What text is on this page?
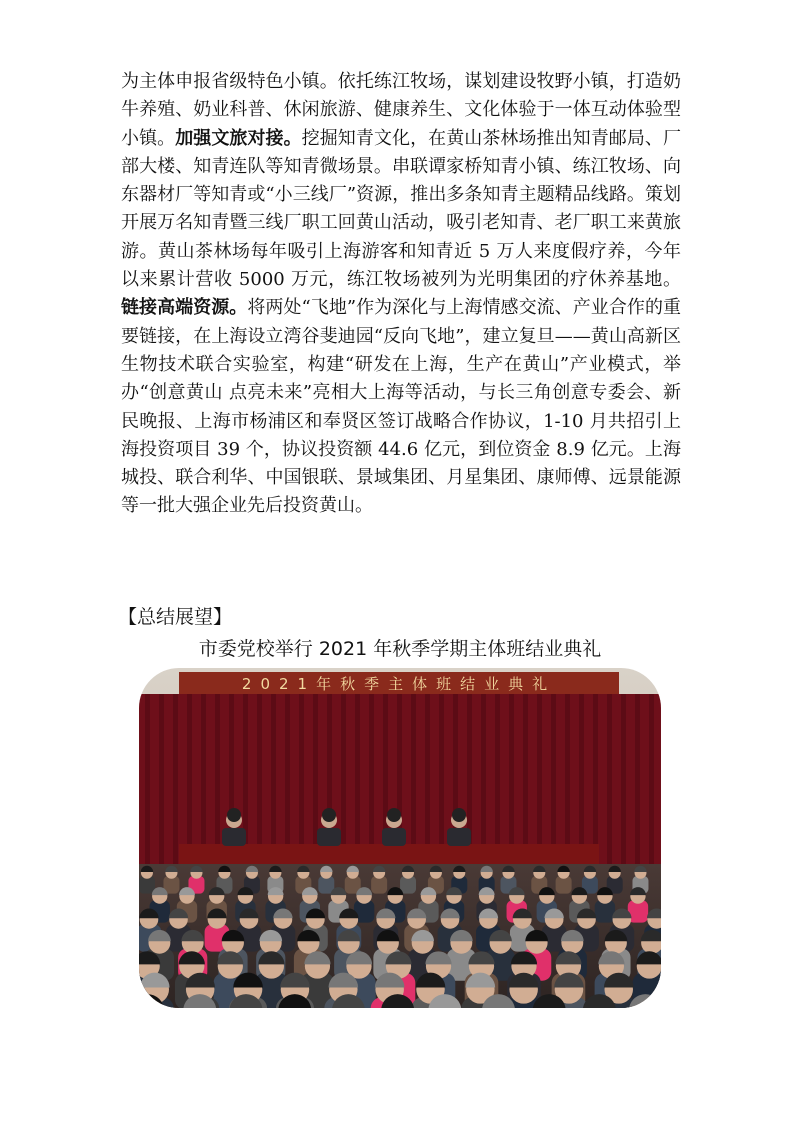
为主体申报省级特色小镇。依托练江牧场，谋划建设牧野小镇，打造奶牛养殖、奶业科普、休闲旅游、健康养生、文化体验于一体互动体验型小镇。加强文旅对接。挖掘知青文化，在黄山茶林场推出知青邮局、厂部大楼、知青连队等知青微场景。串联谭家桥知青小镇、练江牧场、向东器材厂等知青或“小三线厂”资源，推出多条知青主题精品线路。策划开展万名知青暨三线厂职工回黄山活动，吸引老知青、老厂职工来黄旅游。黄山茶林场每年吸引上海游客和知青近 5 万人来度假疗养，今年以来累计营收 5000 万元，练江牧场被列为光明集团的疗休养基地。链接高端资源。将两处“飞地”作为深化与上海情感交流、产业合作的重要链接，在上海设立湾谷斐迪园“反向飞地”，建立复旦——黄山高新区生物技术联合实验室，构建“研发在上海，生产在黄山”产业模式，举办“创意黄山 点亮未来”亮相大上海等活动，与长三角创意专委会、新民晚报、上海市杨浦区和奉贤区签订战略合作协议，1-10 月共招引上海投资项目 39 个，协议投资额 44.6 亿元，到位资金 8.9 亿元。上海城投、联合利华、中国银联、景域集团、月星集团、康师傅、远景能源等一批大强企业先后投资黄山。

【总结展望】

市委党校举行 2021 年秋季学期主体班结业典礼

2021年秋季主体班结业典礼
